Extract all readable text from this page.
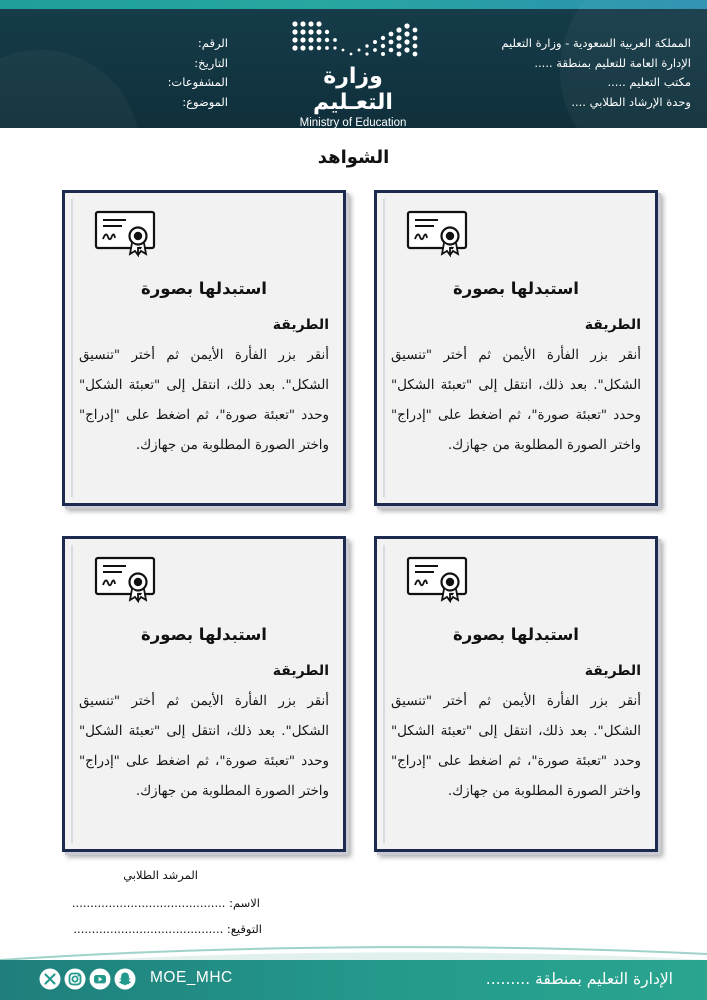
المملكة العربية السعودية - وزارة التعليم
الإدارة العامة للتعليم بمنطقة .....
مكتب التعليم .....
وحدة الإرشاد الطلابي ....
وزارة التعـليم
Ministry of Education
الرقم:
التاريخ:
المشفوعات:
الموضوع:
الشواهد
استبدلها بصورة
الطريقة
أنقر بزر الفأرة الأيمن ثم أختر "تنسيق الشكل". بعد ذلك، انتقل إلى "تعبئة الشكل" وحدد "تعبئة صورة"، ثم اضغط على "إدراج" واختر الصورة المطلوبة من جهازك.
استبدلها بصورة
الطريقة
أنقر بزر الفأرة الأيمن ثم أختر "تنسيق الشكل". بعد ذلك، انتقل إلى "تعبئة الشكل" وحدد "تعبئة صورة"، ثم اضغط على "إدراج" واختر الصورة المطلوبة من جهازك.
استبدلها بصورة
الطريقة
أنقر بزر الفأرة الأيمن ثم أختر "تنسيق الشكل". بعد ذلك، انتقل إلى "تعبئة الشكل" وحدد "تعبئة صورة"، ثم اضغط على "إدراج" واختر الصورة المطلوبة من جهازك.
استبدلها بصورة
الطريقة
أنقر بزر الفأرة الأيمن ثم أختر "تنسيق الشكل". بعد ذلك، انتقل إلى "تعبئة الشكل" وحدد "تعبئة صورة"، ثم اضغط على "إدراج" واختر الصورة المطلوبة من جهازك.
المرشد الطلابي
الاسم: ..........................................
التوقيع: .........................................
الإدارة التعليم بمنطقة .........
MOE_MHC
